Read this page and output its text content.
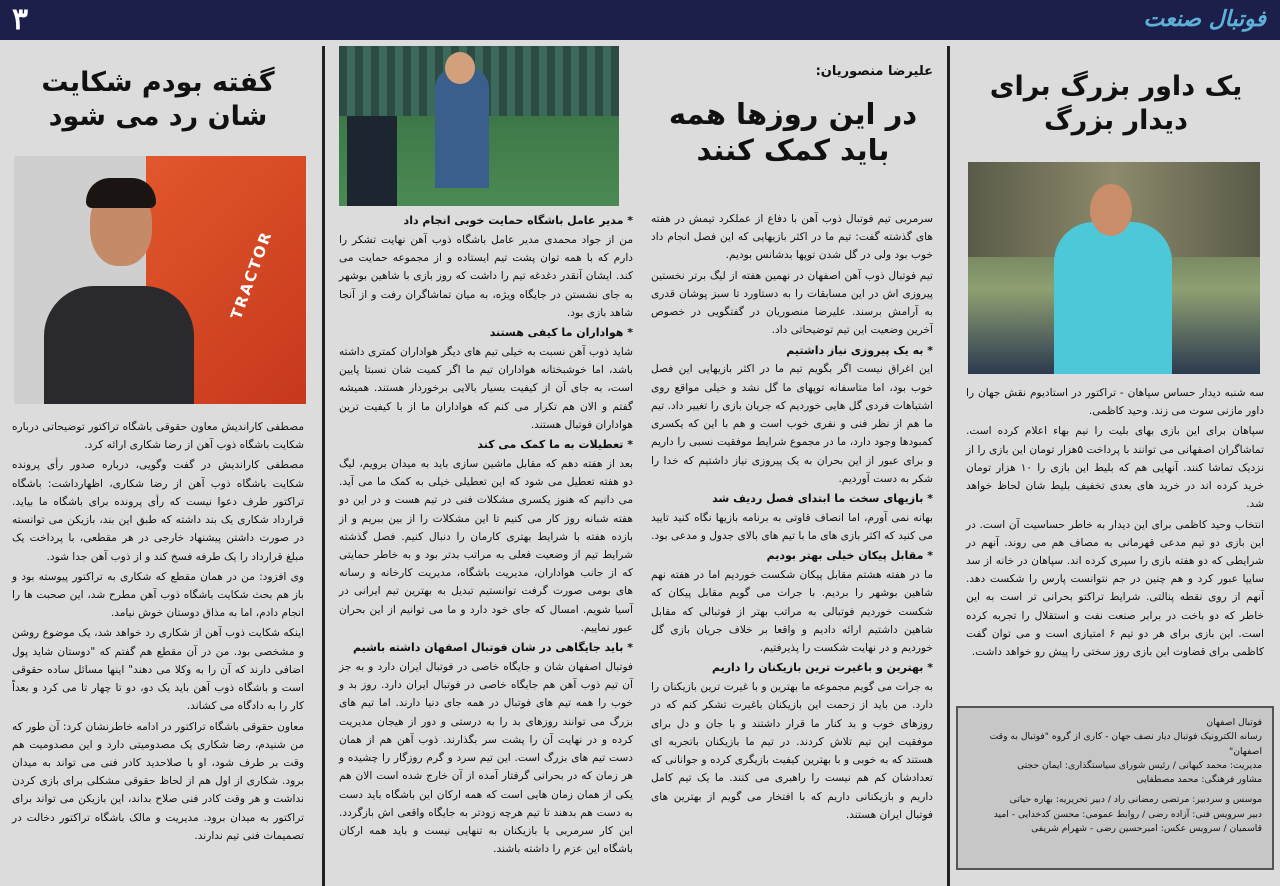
۳	فوتبال صنعت
یک داور بزرگ برای دیدار بزرگ

سه شنبه دیدار حساس سپاهان - تراکتور در استادیوم نقش جهان را داور مازنی سوت می زند. وحید کاظمی.

سپاهان برای این بازی بهای بلیت را نیم بهاء اعلام کرده است. تماشاگران اصفهانی می توانند با پرداخت ۵هزار تومان این بازی را از نزدیک تماشا کنند. آنهایی هم که بلیط این بازی را ۱۰ هزار تومان خرید کرده اند در خرید های بعدی تخفیف بلیط شان لحاظ خواهد شد.

انتخاب وحید کاظمی برای این دیدار به خاطر حساسیت آن است. در این بازی دو تیم مدعی قهرمانی به مصاف هم می روند. آنهم در شرایطی که دو هفته بازی را سپری کرده اند. سپاهان در خانه از سد سایپا عبور کرد و هم چنین در جم نتوانست پارس را شکست دهد. آنهم از روی نقطه پنالتی. شرایط تراکتو بحرانی تر است به این خاطر که دو باخت در برابر صنعت نفت و استقلال را تجربه کرده است. این بازی برای هر دو تیم ۶ امتیازی است و می توان گفت کاظمی برای قضاوت این بازی روز سختی را پیش رو خواهد داشت.

فوتبال اصفهان
رسانه الکترونیک فوتبال دیار نصف جهان - کاری از گروه "فوتبال به وقت اصفهان"
مدیریت: محمد کیهانی / رئیس شورای سیاستگذاری: ایمان حجتی
مشاور فرهنگی: محمد مصطفایی
موسس و سردبیر: مرتضی رمضانی راد / دبیر تحریریه: بهاره حیاتی
دبیر سرویس فنی: آزاده رضی / روابط عمومی: محسن کدخدایی - امید قاسمیان / سرویس عکس: امیرحسین رضی - شهرام شریفی
علیرضا منصوریان:
در این روزها همه باید کمک کنند

سرمربی تیم فوتبال ذوب آهن با دفاع از عملکرد تیمش در هفته های گذشته گفت: تیم ما در اکثر بازیهایی که این فصل انجام داد خوب بود ولی در گل شدن توپها بدشانس بودیم.

تیم فوتبال ذوب آهن اصفهان در نهمین هفته از لیگ برتر نخستین پیروزی اش در این مسابقات را به دستاورد تا سبز پوشان قدری به آرامش برسند. علیرضا منصوریان در گفتگویی در خصوص آخرین وضعیت این تیم توضیحاتی داد.

* به یک پیروزی نیاز داشتیم

این اغراق نیست اگر بگویم تیم ما در اکثر بازیهایی این فصل خوب بود، اما متاسفانه توپهای ما گل نشد و خیلی مواقع روی اشتباهات فردی گل هایی خوردیم که جریان بازی را تغییر داد. تیم ما هم از نظر فنی و نفری خوب است و هم با این که یکسری کمبودها وجود دارد، ما در مجموع شرایط موفقیت نسبی را داریم و برای عبور از این بحران به یک پیروزی نیاز داشتیم که خدا را شکر به دست آوردیم.

* بازیهای سخت ما ابتدای فصل ردیف شد

بهانه نمی آورم، اما انصاف قاوتی به برنامه بازیها نگاه کنید تایید می کنید که اکثر بازی های ما با تیم های بالای جدول و مدعی بود.

* مقابل پیکان خیلی بهتر بودیم

ما در هفته هشتم مقابل پیکان شکست خوردیم اما در هفته نهم شاهین بوشهر را بردیم. با جرات می گویم مقابل پیکان که شکست خوردیم فوتبالی به مراتب بهتر از فوتبالی که مقابل شاهین داشتیم ارائه دادیم و واقعا بر خلاف جریان بازی گل خوردیم و در نهایت شکست را پذیرفتیم.

* بهترین و باغیرت ترین بازیکنان را داریم

به جرات می گویم مجموعه ما بهترین و با غیرت ترین بازیکنان را دارد. من باید از زحمت این بازیکنان باغیرت تشکر کنم که در روزهای خوب و بد کنار ما قرار داشتند و با جان و دل برای موفقیت این تیم تلاش کردند. در تیم ما بازیکنان باتجربه ای هستند که به خوبی و با بهترین کیفیت بازیگری کرده و جوانانی که تعدادشان کم هم نیست را راهبری می کنند. ما یک تیم کامل داریم و بازیکنانی داریم که با افتخار می گویم از بهترین های فوتبال ایران هستند.

* مدیر عامل باشگاه حمایت خوبی انجام داد

من از جواد محمدی مدیر عامل باشگاه ذوب آهن نهایت تشکر را دارم که با همه توان پشت تیم ایستاده و از مجموعه حمایت می کند. ایشان آنقدر دغدغه تیم را داشت که روز بازی با شاهین بوشهر به جای نشستن در جایگاه ویژه، به میان تماشاگران رفت و از آنجا شاهد بازی بود.

* هواداران ما کیفی هستند

شاید ذوب آهن نسبت به خیلی تیم های دیگر هواداران کمتری داشته باشد، اما خوشبختانه هواداران تیم ما اگر کمیت شان نسبتا پایین است، به جای آن از کیفیت بسیار بالایی برخوردار هستند. همیشه گفتم و الان هم تکرار می کنم که هواداران ما از با کیفیت ترین هواداران فوتبال هستند.

* تعطیلات به ما کمک می کند

بعد از هفته دهم که مقابل ماشین سازی باید به میدان برویم، لیگ دو هفته تعطیل می شود که این تعطیلی خیلی به کمک ما می آید. می دانیم که هنوز یکسری مشکلات فنی در تیم هست و در این دو هفته شبانه روز کار می کنیم تا این مشکلات را از بین ببریم و از بازده هفته با شرایط بهتری کارمان را دنبال کنیم. فصل گذشته شرایط تیم از وضعیت فعلی به مراتب بدتر بود و به خاطر حمایتی که از جانب هواداران، مدیریت باشگاه، مدیریت کارخانه و رسانه های بومی صورت گرفت توانستیم تبدیل به بهترین تیم ایرانی در آسیا شویم. امسال که جای خود دارد و ما می توانیم از این بحران عبور نماییم.

* باید جایگاهی در شان فوتبال اصفهان داشته باشیم

فوتبال اصفهان شان و جایگاه خاصی در فوتبال ایران دارد و به جز آن تیم ذوب آهن هم جایگاه خاصی در فوتبال ایران دارد. روز بد و خوب را همه تیم های فوتبال در همه جای دنیا دارند. اما تیم های بزرگ می توانند روزهای بد را به درستی و دور از هیجان مدیریت کرده و در نهایت آن را پشت سر بگذارند. ذوب آهن هم از همان دست تیم های بزرگ است. این تیم سرد و گرم روزگار را چشیده و هر زمان که در بحرانی گرفتار آمده از آن خارج شده است الان هم یکی از همان زمان هایی است که همه ارکان این باشگاه باید دست به دست هم بدهند تا تیم هرچه زودتر به جایگاه واقعی اش بازگردد. این کار سرمربی یا بازیکنان به تنهایی نیست و باید همه ارکان باشگاه این عزم را داشته باشند.

گفته بودم شکایت شان رد می شود
TRACTOR

مصطفی کاراندیش معاون حقوقی باشگاه تراکتور توضیحاتی درباره شکایت باشگاه ذوب آهن از رضا شکاری ارائه کرد.

مصطفی کاراندیش در گفت وگویی، درباره صدور رأی پرونده شکایت باشگاه ذوب آهن از رضا شکاری، اظهارداشت: باشگاه تراکتور طرف دعوا نیست که رأی پرونده برای باشگاه ما بیاید. قرارداد شکاری یک بند داشته که طبق این بند، بازیکن می توانسته در صورت داشتن پیشنهاد خارجی در هر مقطعی، با پرداخت یک مبلغ قرارداد را یک طرفه فسخ کند و از ذوب آهن جدا شود.

وی افزود: من در همان مقطع که شکاری به تراکتور پیوسته بود و باز هم بحث شکایت باشگاه ذوب آهن مطرح شد، این صحبت ها را انجام دادم، اما به مذاق دوستان خوش نیامد.

اینکه شکایت ذوب آهن از شکاری رد خواهد شد، یک موضوع روشن و مشخصی بود. من در آن مقطع هم گفتم که "دوستان شاید پول اضافی دارند که آن را به وکلا می دهند" اینها مسائل ساده حقوقی است و باشگاه ذوب آهن باید یک دو، دو تا چهار تا می کرد و بعداً کار را به دادگاه می کشاند.

معاون حقوقی باشگاه تراکتور در ادامه خاطرنشان کرد: آن طور که من شنیدم، رضا شکاری یک مصدومیتی دارد و این مصدومیت هم وقت بر طرف شود، او با صلاحدید کادر فنی می تواند به میدان برود. شکاری از اول هم از لحاظ حقوقی مشکلی برای بازی کردن نداشت و هر وقت کادر فنی صلاح بداند، این بازیکن می تواند برای تراکتور به میدان برود. مدیریت و مالک باشگاه تراکتور دخالت در تصمیمات فنی تیم ندارند.
